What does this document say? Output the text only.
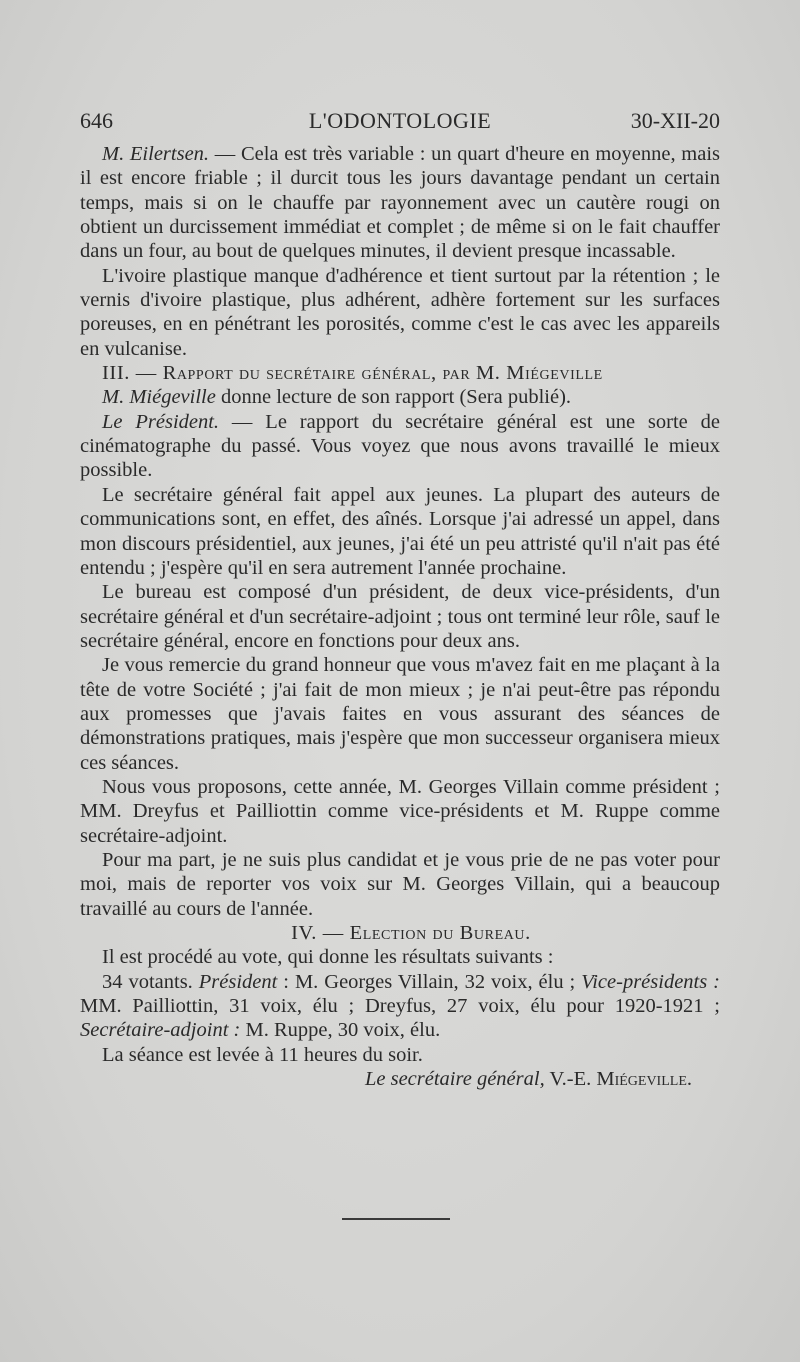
646	L'ODONTOLOGIE	30-XII-20

M. Eilertsen. — Cela est très variable : un quart d'heure en moyenne, mais il est encore friable ; il durcit tous les jours davantage pendant un certain temps, mais si on le chauffe par rayonnement avec un cautère rougi on obtient un durcissement immédiat et complet ; de même si on le fait chauffer dans un four, au bout de quelques minutes, il devient presque incassable.

L'ivoire plastique manque d'adhérence et tient surtout par la rétention ; le vernis d'ivoire plastique, plus adhérent, adhère fortement sur les surfaces poreuses, en en pénétrant les porosités, comme c'est le cas avec les appareils en vulcanise.

III. — Rapport du secrétaire général, par M. Miégeville

M. Miégeville donne lecture de son rapport (Sera publié).

Le Président. — Le rapport du secrétaire général est une sorte de cinématographe du passé. Vous voyez que nous avons travaillé le mieux possible.

Le secrétaire général fait appel aux jeunes. La plupart des auteurs de communications sont, en effet, des aînés. Lorsque j'ai adressé un appel, dans mon discours présidentiel, aux jeunes, j'ai été un peu attristé qu'il n'ait pas été entendu ; j'espère qu'il en sera autrement l'année prochaine.

Le bureau est composé d'un président, de deux vice-présidents, d'un secrétaire général et d'un secrétaire-adjoint ; tous ont terminé leur rôle, sauf le secrétaire général, encore en fonctions pour deux ans.

Je vous remercie du grand honneur que vous m'avez fait en me plaçant à la tête de votre Société ; j'ai fait de mon mieux ; je n'ai peut-être pas répondu aux promesses que j'avais faites en vous assurant des séances de démonstrations pratiques, mais j'espère que mon successeur organisera mieux ces séances.

Nous vous proposons, cette année, M. Georges Villain comme président ; MM. Dreyfus et Pailliottin comme vice-présidents et M. Ruppe comme secrétaire-adjoint.

Pour ma part, je ne suis plus candidat et je vous prie de ne pas voter pour moi, mais de reporter vos voix sur M. Georges Villain, qui a beaucoup travaillé au cours de l'année.

IV. — Election du Bureau.

Il est procédé au vote, qui donne les résultats suivants :

34 votants. Président : M. Georges Villain, 32 voix, élu ; Vice-présidents : MM. Pailliottin, 31 voix, élu ; Dreyfus, 27 voix, élu pour 1920-1921 ; Secrétaire-adjoint : M. Ruppe, 30 voix, élu.

La séance est levée à 11 heures du soir.

Le secrétaire général, V.-E. Miégeville.
